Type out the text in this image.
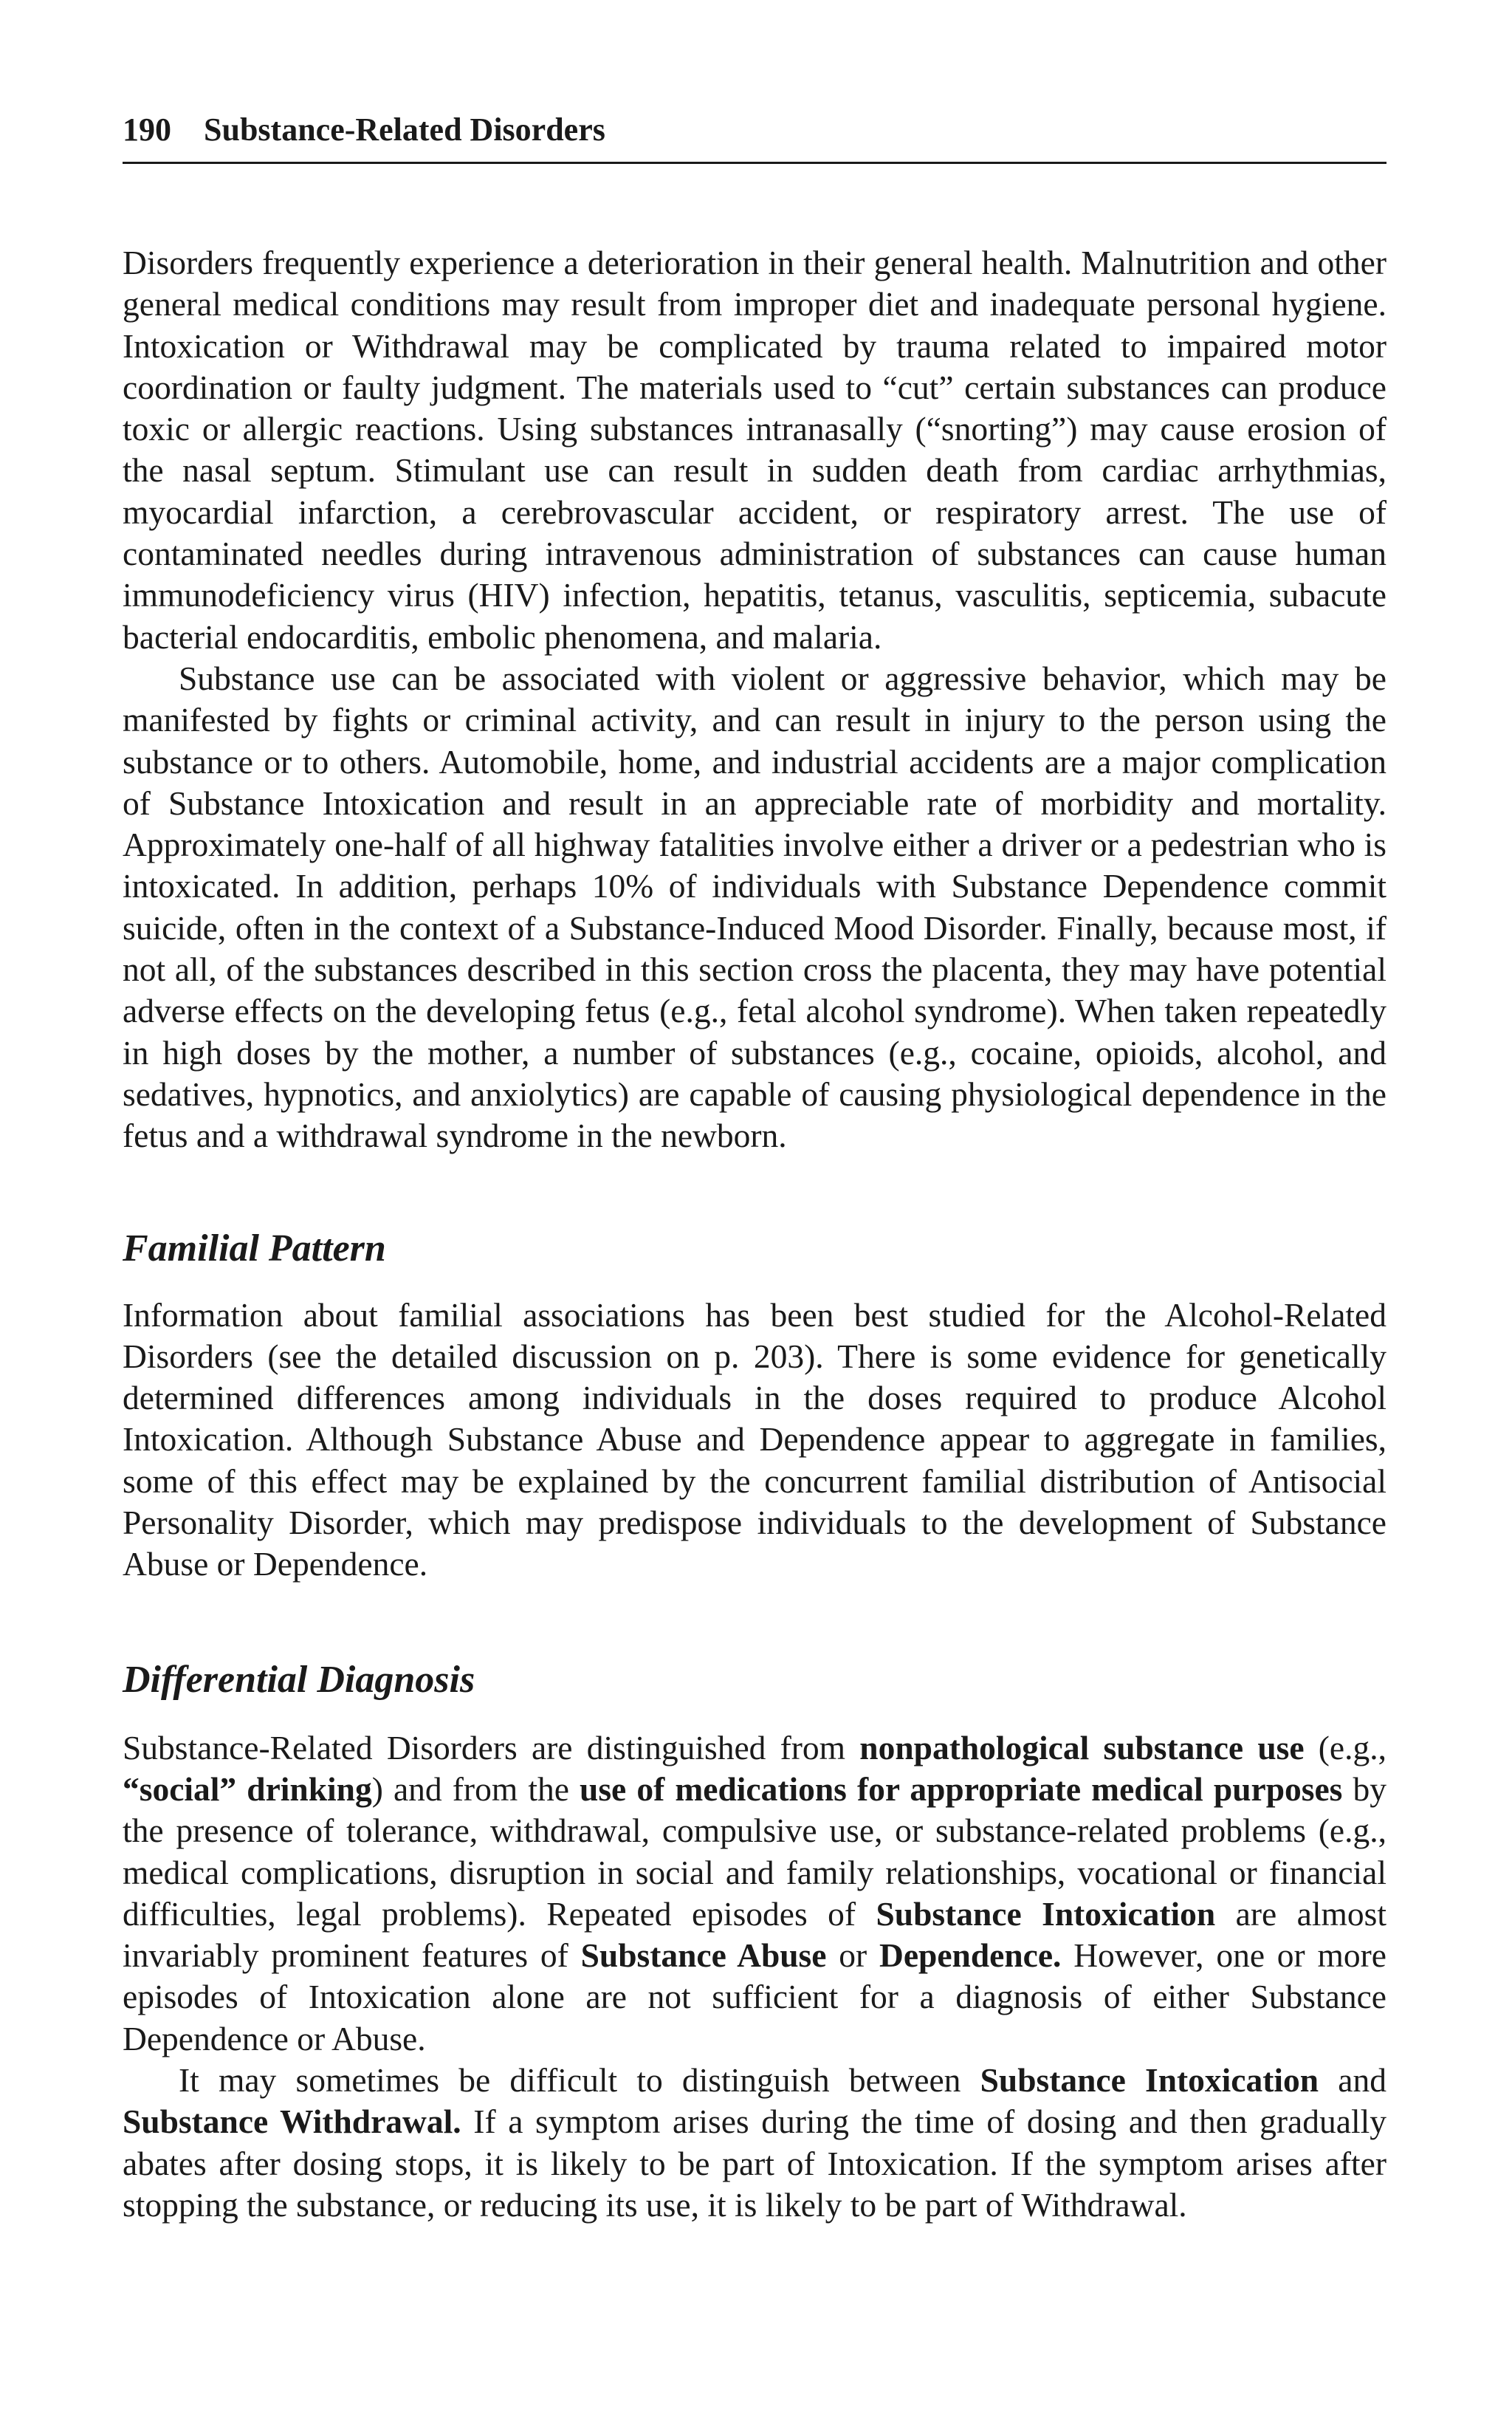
190 Substance-Related Disorders

Disorders frequently experience a deterioration in their general health. Malnutrition and other general medical conditions may result from improper diet and inadequate personal hygiene. Intoxication or Withdrawal may be complicated by trauma related to impaired motor coordination or faulty judgment. The materials used to “cut” certain substances can produce toxic or allergic reactions. Using substances intranasally (“snorting”) may cause erosion of the nasal septum. Stimulant use can result in sudden death from cardiac arrhythmias, myocardial infarction, a cerebrovascular accident, or respiratory arrest. The use of contaminated needles during intravenous administration of substances can cause human immunodeficiency virus (HIV) infection, hepatitis, tetanus, vasculitis, septicemia, subacute bacterial endocarditis, embolic phenomena, and malaria.

Substance use can be associated with violent or aggressive behavior, which may be manifested by fights or criminal activity, and can result in injury to the person using the substance or to others. Automobile, home, and industrial accidents are a major complication of Substance Intoxication and result in an appreciable rate of morbidity and mortality. Approximately one-half of all highway fatalities involve either a driver or a pedestrian who is intoxicated. In addition, perhaps 10% of individuals with Substance Dependence commit suicide, often in the context of a Substance-Induced Mood Disorder. Finally, because most, if not all, of the substances described in this section cross the placenta, they may have potential adverse effects on the developing fetus (e.g., fetal alcohol syndrome). When taken repeatedly in high doses by the mother, a number of substances (e.g., cocaine, opioids, alcohol, and sedatives, hypnotics, and anxiolytics) are capable of causing physiological dependence in the fetus and a withdrawal syndrome in the newborn.

Familial Pattern

Information about familial associations has been best studied for the Alcohol-Related Disorders (see the detailed discussion on p. 203). There is some evidence for genetically determined differences among individuals in the doses required to produce Alcohol Intoxication. Although Substance Abuse and Dependence appear to aggregate in families, some of this effect may be explained by the concurrent familial distribution of Antisocial Personality Disorder, which may predispose individuals to the development of Substance Abuse or Dependence.

Differential Diagnosis

Substance-Related Disorders are distinguished from nonpathological substance use (e.g., “social” drinking) and from the use of medications for appropriate medical purposes by the presence of tolerance, withdrawal, compulsive use, or substance-related problems (e.g., medical complications, disruption in social and family relationships, vocational or financial difficulties, legal problems). Repeated episodes of Substance Intoxication are almost invariably prominent features of Substance Abuse or Dependence. However, one or more episodes of Intoxication alone are not sufficient for a diagnosis of either Substance Dependence or Abuse.

It may sometimes be difficult to distinguish between Substance Intoxication and Substance Withdrawal. If a symptom arises during the time of dosing and then gradually abates after dosing stops, it is likely to be part of Intoxication. If the symptom arises after stopping the substance, or reducing its use, it is likely to be part of Withdrawal.
